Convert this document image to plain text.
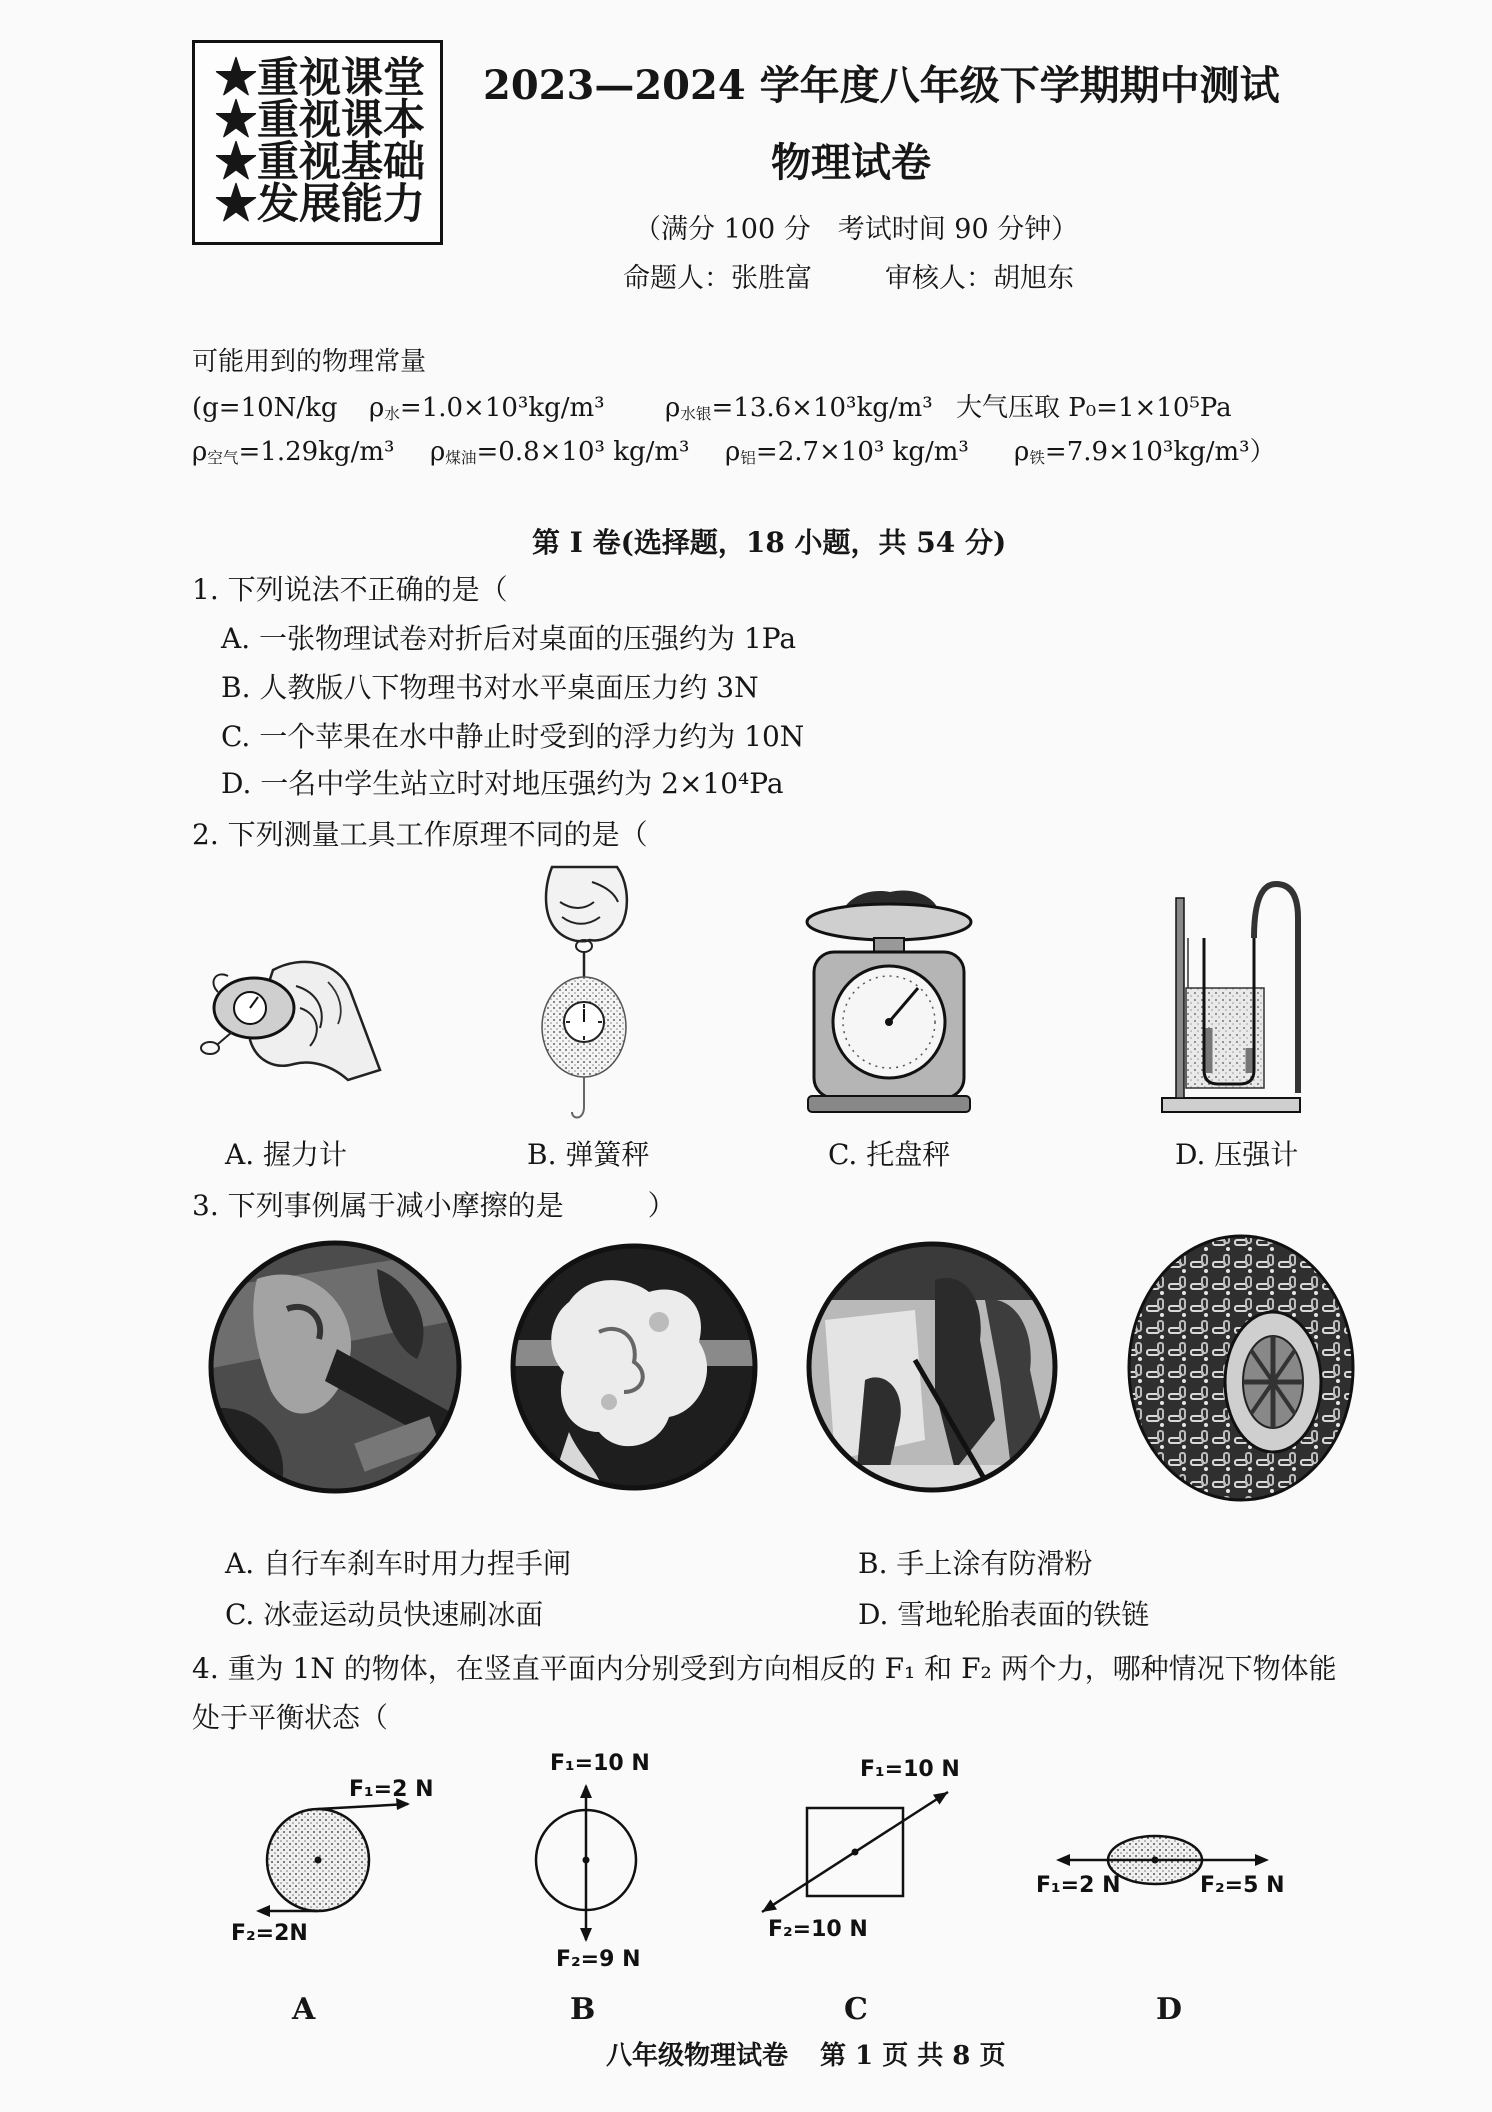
★重视课堂
★重视课本
★重视基础
★发展能力
2023—2024 学年度八年级下学期期中测试
物理试卷
（满分 100 分　考试时间 90 分钟）
命题人：张胜富	审核人：胡旭东
可能用到的物理常量
(g=10N/kg $\rho_水=1.0\times 10^3kg/m^3$ $\rho_{水银}=13.6\times 10^3kg/m^3$ 大气压取 P₀=1×10⁵Pa
$\rho_{空气}=1.29kg/m^3$ $\rho_{煤油}=0.8\times 10^3$ kg/m³ $\rho_铝=2.7\times 10^3$ kg/m³ $\rho_铁=7.9\times 10^3kg/m^3$）
第 I 卷(选择题，18 小题，共 54 分)
1. 下列说法不正确的是（
A. 一张物理试卷对折后对桌面的压强约为 1Pa
B. 人教版八下物理书对水平桌面压力约 3N
C. 一个苹果在水中静止时受到的浮力约为 10N
D. 一名中学生站立时对地压强约为 2×10⁴Pa
2. 下列测量工具工作原理不同的是（
A. 握力计	B. 弹簧秤	C. 托盘秤	D. 压强计
3. 下列事例属于减小摩擦的是　　　）
A. 自行车刹车时用力捏手闸	B. 手上涂有防滑粉
C. 冰壶运动员快速刷冰面	D. 雪地轮胎表面的铁链
4. 重为 1N 的物体，在竖直平面内分别受到方向相反的 F₁ 和 F₂ 两个力，哪种情况下物体能
处于平衡状态（
F₁=2 N
F₂=2N
F₁=10 N
F₂=9 N
F₁=10 N
F₂=10 N
F₁=2 N	F₂=5 N
A	B	C	D
八年级物理试卷 第 1 页 共 8 页
